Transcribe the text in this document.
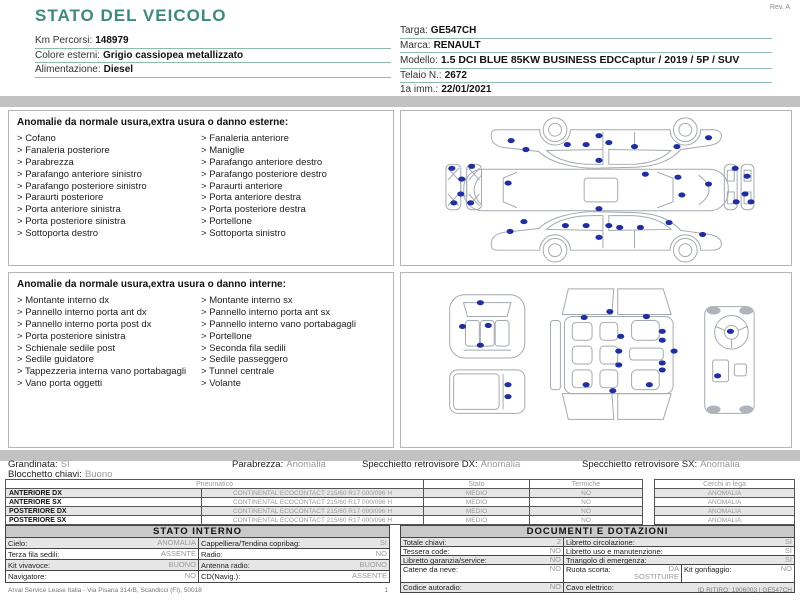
Rev. A
STATO DEL VEICOLO
Km Percorsi: 148979
Colore esterni: Grigio cassiopea metallizzato
Alimentazione: Diesel
Targa: GE547CH
Marca: RENAULT
Modello: 1.5 DCI BLUE 85KW BUSINESS EDCCaptur / 2019 / 5P / SUV
Telaio N.: 2672
1a imm.: 22/01/2021
Anomalie da normale usura,extra usura o danno esterne:
> Cofano
> Fanaleria posteriore
> Parabrezza
> Parafango anteriore sinistro
> Parafango posteriore sinistro
> Paraurti posteriore
> Porta anteriore sinistra
> Porta posteriore sinistra
> Sottoporta destro
> Fanaleria anteriore
> Maniglie
> Parafango anteriore destro
> Parafango posteriore destro
> Paraurti anteriore
> Porta anteriore destra
> Porta posteriore destra
> Portellone
> Sottoporta sinistro
Anomalie da normale usura,extra usura o danno interne:
> Montante interno dx
> Pannello interno porta ant dx
> Pannello interno porta post dx
> Porta posteriore sinistra
> Schienale sedile post
> Sedile guidatore
> Tappezzeria interna vano portabagagli
> Vano porta oggetti
> Montante interno sx
> Pannello interno porta ant sx
> Pannello interno vano portabagagli
> Portellone
> Seconda fila sedili
> Sedile passeggero
> Tunnel centrale
> Volante
Grandinata: SI
Blocchetto chiavi: Buono
Parabrezza: Anomalia	Specchietto retrovisore DX: Anomalia	Specchietto retrovisore SX: Anomalia
Pneumatico	Stato	Termiche
ANTERIORE DX	CONTINENTAL ECOCONTACT 215/60 R17 000/096 H	MEDIO	NO
ANTERIORE SX	CONTINENTAL ECOCONTACT 215/60 R17 000/096 H	MEDIO	NO
POSTERIORE DX	CONTINENTAL ECOCONTACT 215/60 R17 000/096 H	MEDIO	NO
POSTERIORE SX	CONTINENTAL ECOCONTACT 215/60 R17 000/096 H	MEDIO	NO
Cerchi in lega
ANOMALIA
ANOMALIA
ANOMALIA
ANOMALIA
STATO INTERNO
Cielo:	ANOMALIA Cappelliera/Tendina copribag:	SI
Terza fila sedili:	ASSENTE Radio:	NO
Kit vivavoce:	BUONO Antenna radio:	BUONO
Navigatore:	NO CD(Navig.):	ASSENTE
DOCUMENTI E DOTAZIONI
Totale chiavi:	2 Libretto circolazione:	SI
Tessera code:	NO Libretto uso e manutenzione:	SI
Libretto garanzia/service:	NO Triangolo di emergenza:	SI
Catene da neve:	NO Ruota scorta:	DA SOSTITUIRE
Kit gonfiaggio:	NO
Codice autoradio:	NO Cavo elettrico:
Arval Service Lease Italia - Via Pisana 314/B, Scandicci (FI), 50018	1	ID RITIRO: 1906003 | GE547CH
